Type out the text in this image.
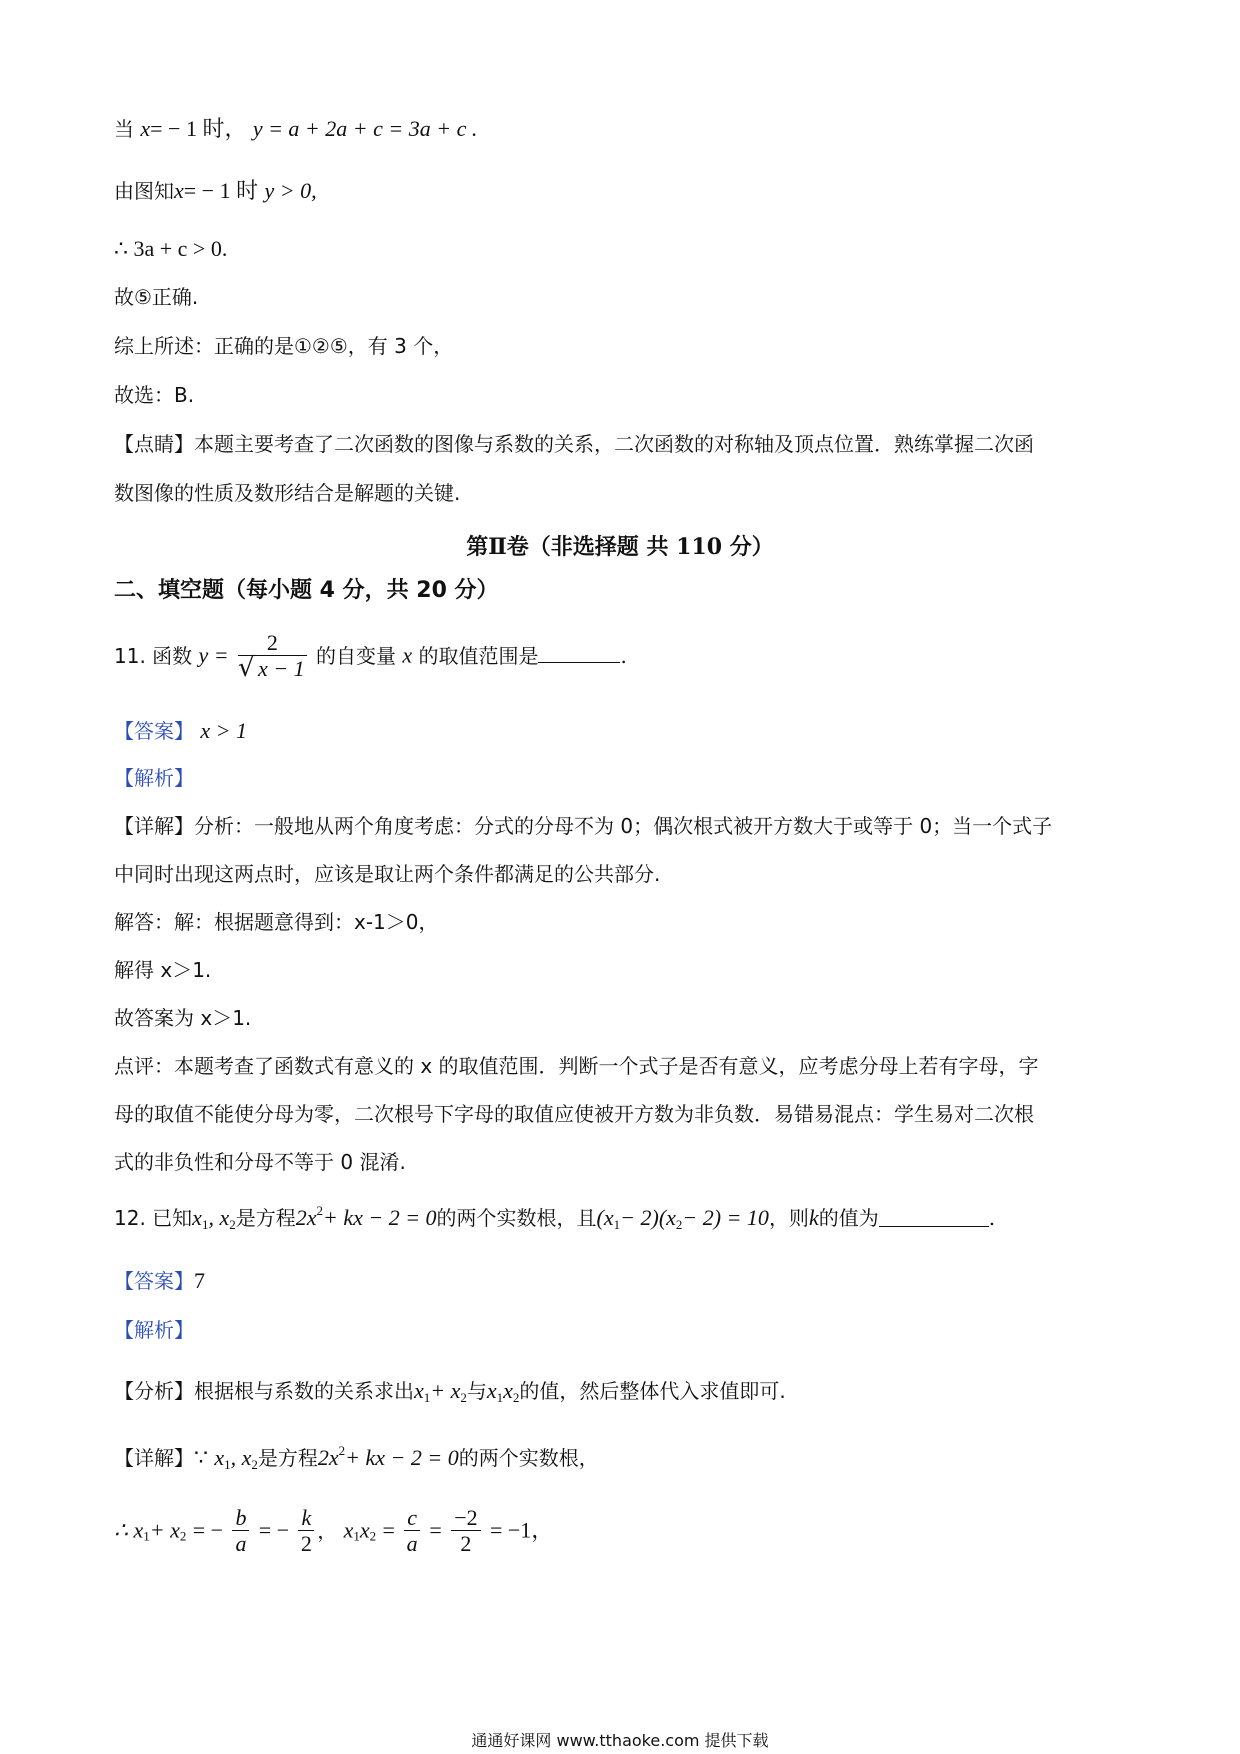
当 x= − 1 时， y = a + 2a + c = 3a + c .
由图知x= − 1 时 y > 0,
∴ 3a + c > 0.
故⑤正确.
综上所述：正确的是①②⑤，有 3 个，
故选：B.
【点睛】本题主要考查了二次函数的图像与系数的关系，二次函数的对称轴及顶点位置．熟练掌握二次函
数图像的性质及数形结合是解题的关键.
第Ⅱ卷（非选择题 共 110 分）
二、填空题（每小题 4 分，共 20 分）
11. 函数 $y = \frac{2}{√ x - 1}$ 的自变量 x 的取值范围是	.
【答案】 x > 1
【解析】
【详解】分析：一般地从两个角度考虑：分式的分母不为 0；偶次根式被开方数大于或等于 0；当一个式子
中同时出现这两点时，应该是取让两个条件都满足的公共部分.
解答：解：根据题意得到：x-1＞0，
解得 x＞1.
故答案为 x＞1.
点评：本题考查了函数式有意义的 x 的取值范围．判断一个式子是否有意义，应考虑分母上若有字母，字
母的取值不能使分母为零，二次根号下字母的取值应使被开方数为非负数．易错易混点：学生易对二次根
式的非负性和分母不等于 0 混淆.
12. 已知$x_1$, $x_2$是方程$2x^2+$ kx − 2 = 0的两个实数根，且$(x_1- 2)(x_2- 2) = 10$，则k的值为	.
【答案】7
【解析】
【分析】根据根与系数的关系求出$x_1+ x_2$与$x_1x_2$的值，然后整体代入求值即可.
【详解】∵ $x_1$, $x_2$是方程$2x^2+$ kx − 2 = 0的两个实数根，
∴ $x_1+ x_2$ = − $\frac{b}{a}$ = − $\frac{k}{2}$ ， $x_1x_2 = \frac{c}{a} = \frac{-2}{2} = -1$，
通通好课网 www.tthaoke.com 提供下载
